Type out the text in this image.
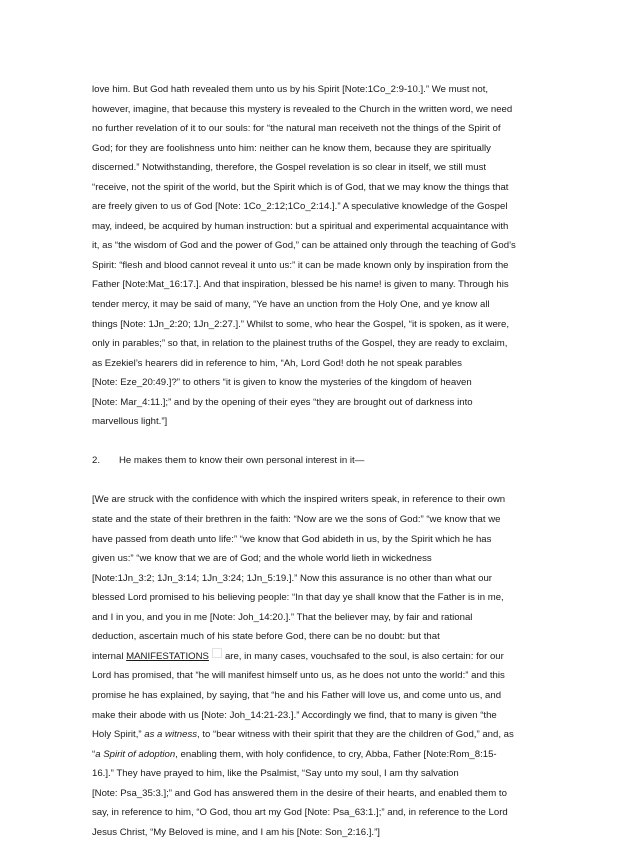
love him. But God hath revealed them unto us by his Spirit [Note:1Co_2:9-10.].” We must not,
however, imagine, that because this mystery is revealed to the Church in the written word, we need
no further revelation of it to our souls: for “the natural man receiveth not the things of the Spirit of
God; for they are foolishness unto him: neither can he know them, because they are spiritually
discerned.” Notwithstanding, therefore, the Gospel revelation is so clear in itself, we still must
“receive, not the spirit of the world, but the Spirit which is of God, that we may know the things that
are freely given to us of God [Note: 1Co_2:12;1Co_2:14.].” A speculative knowledge of the Gospel
may, indeed, be acquired by human instruction: but a spiritual and experimental acquaintance with
it, as “the wisdom of God and the power of God,” can be attained only through the teaching of God’s
Spirit: “flesh and blood cannot reveal it unto us:” it can be made known only by inspiration from the
Father [Note:Mat_16:17.]. And that inspiration, blessed be his name! is given to many. Through his
tender mercy, it may be said of many, “Ye have an unction from the Holy One, and ye know all
things [Note: 1Jn_2:20; 1Jn_2:27.].” Whilst to some, who hear the Gospel, “it is spoken, as it were,
only in parables;” so that, in relation to the plainest truths of the Gospel, they are ready to exclaim,
as Ezekiel’s hearers did in reference to him, “Ah, Lord God! doth he not speak parables
[Note: Eze_20:49.]?” to others “it is given to know the mysteries of the kingdom of heaven
[Note: Mar_4:11.];” and by the opening of their eyes “they are brought out of darkness into
marvellous light.”]
2. He makes them to know their own personal interest in it—
[We are struck with the confidence with which the inspired writers speak, in reference to their own
state and the state of their brethren in the faith: “Now are we the sons of God:” “we know that we
have passed from death unto life:” “we know that God abideth in us, by the Spirit which he has
given us:” “we know that we are of God; and the whole world lieth in wickedness
[Note:1Jn_3:2; 1Jn_3:14; 1Jn_3:24; 1Jn_5:19.].” Now this assurance is no other than what our
blessed Lord promised to his believing people: “In that day ye shall know that the Father is in me,
and I in you, and you in me [Note: Joh_14:20.].” That the believer may, by fair and rational
deduction, ascertain much of his state before God, there can be no doubt: but that
internal MANIFESTATIONS are, in many cases, vouchsafed to the soul, is also certain: for our
Lord has promised, that “he will manifest himself unto us, as he does not unto the world:” and this
promise he has explained, by saying, that “he and his Father will love us, and come unto us, and
make their abode with us [Note: Joh_14:21-23.].” Accordingly we find, that to many is given “the
Holy Spirit,” as a witness, to “bear witness with their spirit that they are the children of God,” and, as
“a Spirit of adoption, enabling them, with holy confidence, to cry, Abba, Father [Note:Rom_8:15-
16.].” They have prayed to him, like the Psalmist, “Say unto my soul, I am thy salvation
[Note: Psa_35:3.];” and God has answered them in the desire of their hearts, and enabled them to
say, in reference to him, “O God, thou art my God [Note: Psa_63:1.];” and, in reference to the Lord
Jesus Christ, “My Beloved is mine, and I am his [Note: Son_2:16.].”]
